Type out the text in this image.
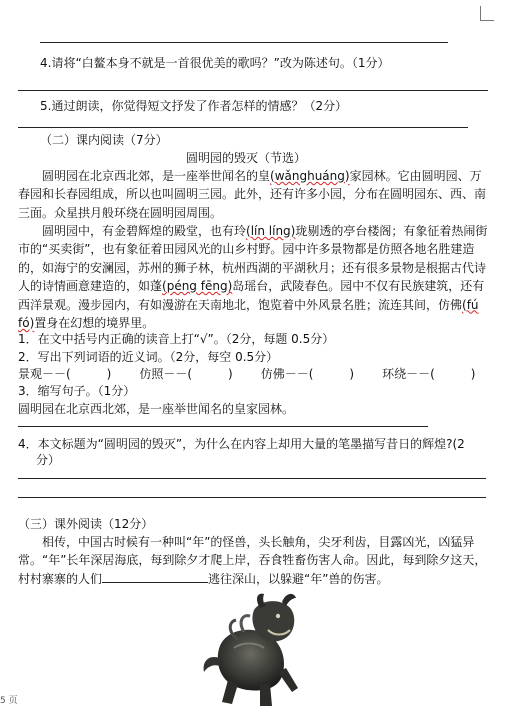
4.请将“白鳌本身不就是一首很优美的歌吗？”改为陈述句。（1分）
5.通过朗读，你觉得短文抒发了作者怎样的情感？（2分）
（二）课内阅读（7分）
圆明园的毁灭（节选）
圆明园在北京西北郊，是一座举世闻名的皇(wǎnghuáng)家园林。它由圆明园、万春园和长春园组成，所以也叫圆明三园。此外，还有许多小园，分布在圆明园东、西、南三面。众星拱月般环绕在圆明园周围。
圆明园中，有金碧辉煌的殿堂，也有玲(lín líng)珑剔透的亭台楼阁；有象征着热闹街市的“买卖街”，也有象征着田园风光的山乡村野。园中许多景物都是仿照各地名胜建造的，如海宁的安澜园，苏州的狮子林，杭州西湖的平湖秋月；还有很多景物是根据古代诗人的诗情画意建造的，如蓬(péng fēng)岛瑶台，武陵春色。园中不仅有民族建筑，还有西洋景观。漫步园内，有如漫游在天南地北，饱览着中外风景名胜；流连其间，仿佛(fú fó)置身在幻想的境界里。
1．在文中括号内正确的读音上打“√”。（2分，每题 0.5分）
2．写出下列词语的近义词。（2分，每空 0.5分）
景观－－(　　　) 仿照－－(　　　) 仿佛－－(　　　) 环绕－－(　　　)
3．缩写句子。（1分）
圆明园在北京西北郊，是一座举世闻名的皇家园林。
4．本文标题为“圆明园的毁灭”，为什么在内容上却用大量的笔墨描写昔日的辉煌?(2
分）
（三）课外阅读（12分）
相传，中国古时候有一种叫“年”的怪兽，头长触角，尖牙利齿，目露凶光，凶猛异常。“年”长年深居海底，每到除夕才爬上岸，吞食牲畜伤害人命。因此，每到除夕这天，村村寨寨的人们	逃往深山，以躲避“年”兽的伤害。
5 页
